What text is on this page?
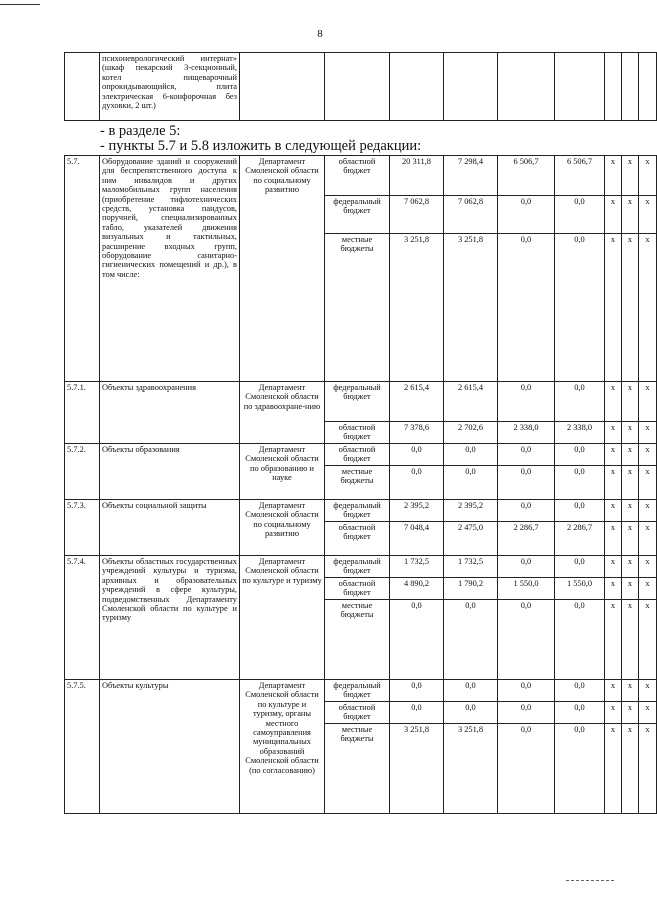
8
	психоневрологический интернат» (шкаф пекарский 3-секционный, котел пищеварочный опрокидывающийся, плита электрическая 6-конфорочная без духовки, 2 шт.)									
- в разделе 5:
- пункты 5.7 и 5.8 изложить в следующей редакции:
5.7.	Оборудование зданий и сооружений для беспрепятственного доступа к ним инвалидов и других маломобильных групп населения (приобретение тифлотехнических средств, установка пандусов, поручней, специализированных табло, указателей движения визуальных и тактильных, расширение входных групп, оборудование санитарно-гигиенических помещений и др.), в том числе:	Департамент Смоленской области по социальному развитию	областной бюджет	20 311,8	7 298,4	6 506,7	6 506,7	x	x	x
			федеральный бюджет	7 062,8	7 062,8	0,0	0,0	x	x	x
			местные бюджеты	3 251,8	3 251,8	0,0	0,0	x	x	x
5.7.1.	Объекты здравоохранения	Департамент Смоленской области по здравоохране-нию	федеральный бюджет	2 615,4	2 615,4	0,0	0,0	x	x	x
			областной бюджет	7 378,6	2 702,6	2 338,0	2 338,0	x	x	x
5.7.2.	Объекты образования	Департамент Смоленской области по образованию и науке	областной бюджет	0,0	0,0	0,0	0,0	x	x	x
			местные бюджеты	0,0	0,0	0,0	0,0	x	x	x
5.7.3.	Объекты социальной защиты	Департамент Смоленской области по социальному развитию	федеральный бюджет	2 395,2	2 395,2	0,0	0,0	x	x	x
			областной бюджет	7 048,4	2 475,0	2 286,7	2 286,7	x	x	x
5.7.4.	Объекты областных государственных учреждений культуры и туризма, архивных и образовательных учреждений в сфере культуры, подведомственных Департаменту Смоленской области по культуре и туризму	Департамент Смоленской области по культуре и туризму	федеральный бюджет	1 732,5	1 732,5	0,0	0,0	x	x	x
			областной бюджет	4 890,2	1 790,2	1 550,0	1 550,0	x	x	x
			местные бюджеты	0,0	0,0	0,0	0,0	x	x	x
5.7.5.	Объекты культуры	Департамент Смоленской области по культуре и туризму, органы местного самоуправления муниципальных образований Смоленской области (по согласованию)	федеральный бюджет	0,0	0,0	0,0	0,0	x	x	x
			областной бюджет	0,0	0,0	0,0	0,0	x	x	x
			местные бюджеты	3 251,8	3 251,8	0,0	0,0	x	x	x
